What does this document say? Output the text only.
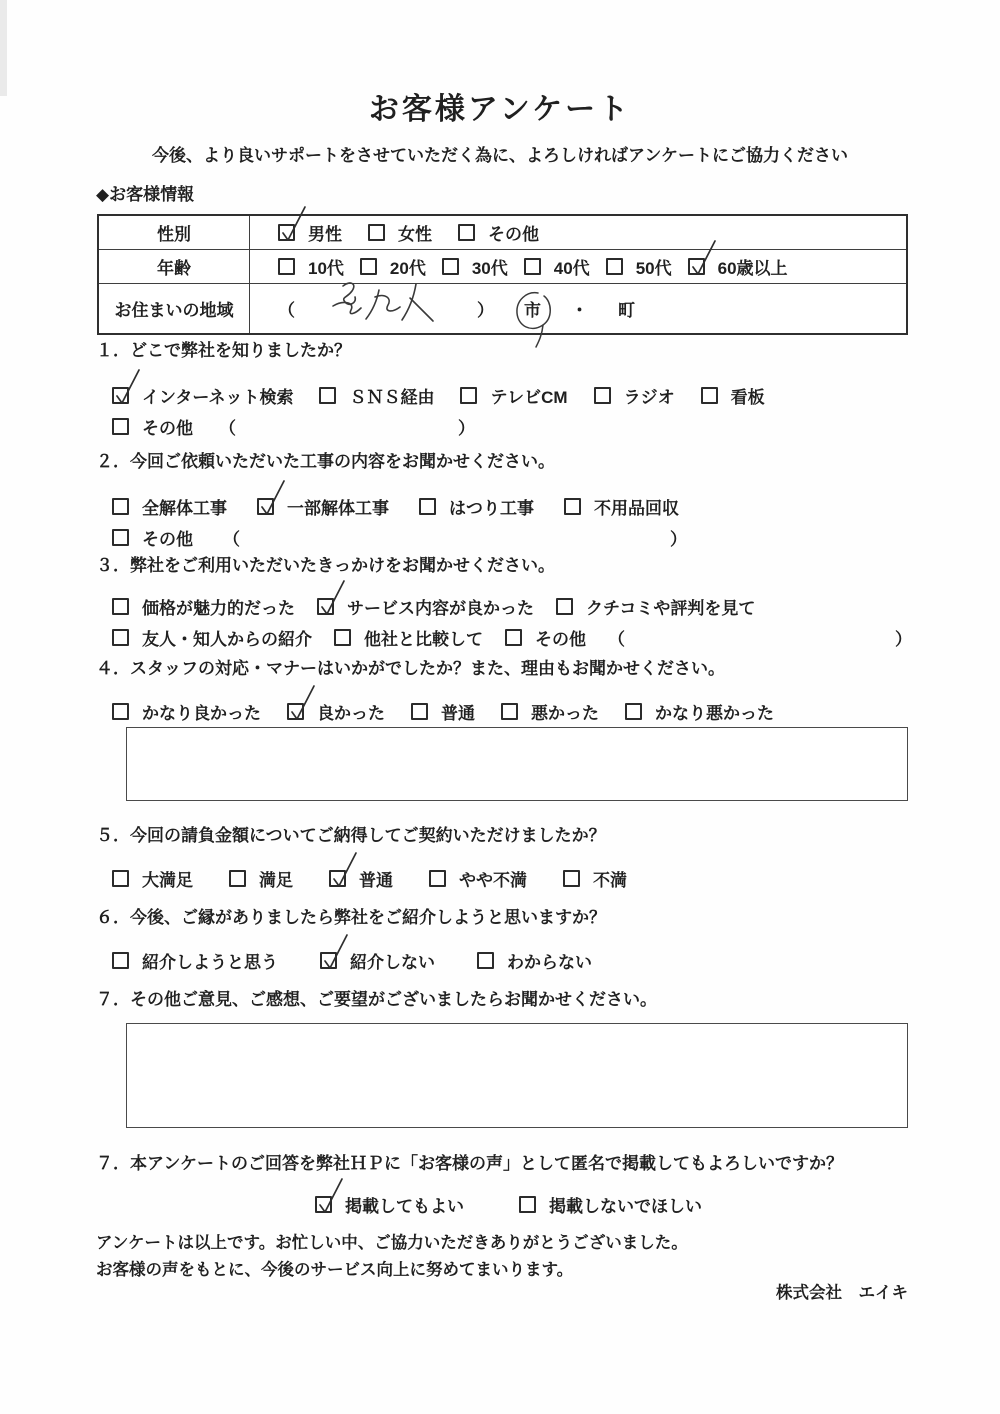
お客様アンケート

今後、より良いサポートをさせていただく為に、よろしければアンケートにご協力ください

◆お客様情報
性別	男性	女性	その他
年齢	10代	20代	30代	40代	50代	60歳以上
お住まいの地域	（	） 市 ・ 町
１．どこで弊社を知りましたか？
インターネット検索	ＳＮＳ経由	テレビCM	ラジオ	看板
その他 （	）
２．今回ご依頼いただいた工事の内容をお聞かせください。
全解体工事	一部解体工事	はつり工事	不用品回収
その他 （	）
３．弊社をご利用いただいたきっかけをお聞かせください。
価格が魅力的だった	サービス内容が良かった	クチコミや評判を見て
友人・知人からの紹介	他社と比較して	その他 （	）
４．スタッフの対応・マナーはいかがでしたか？また、理由もお聞かせください。
かなり良かった	良かった	普通	悪かった	かなり悪かった
５．今回の請負金額についてご納得してご契約いただけましたか？
大満足	満足	普通	やや不満	不満
６．今後、ご縁がありましたら弊社をご紹介しようと思いますか？
紹介しようと思う	紹介しない	わからない
７．その他ご意見、ご感想、ご要望がございましたらお聞かせください。
７．本アンケートのご回答を弊社ＨＰに「お客様の声」として匿名で掲載してもよろしいですか？
掲載してもよい	掲載しないでほしい

アンケートは以上です。お忙しい中、ご協力いただきありがとうございました。

お客様の声をもとに、今後のサービス向上に努めてまいります。

株式会社　エイキ
